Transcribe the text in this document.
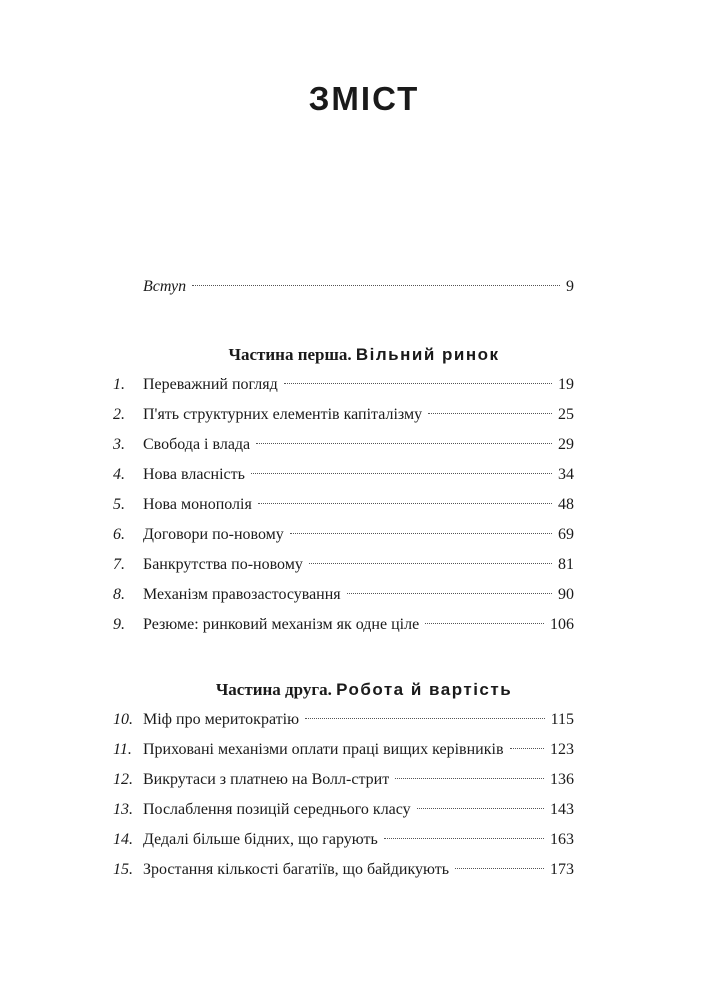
ЗМІСТ
Вступ	9
Частина перша. Вільний ринок
1.	Переважний погляд	19
2.	П'ять структурних елементів капіталізму	25
3.	Свобода і влада	29
4.	Нова власність	34
5.	Нова монополія	48
6.	Договори по-новому	69
7.	Банкрутства по-новому	81
8.	Механізм правозастосування	90
9.	Резюме: ринковий механізм як одне ціле	106
Частина друга. Робота й вартість
10. Міф про меритократію	115
11. Приховані механізми оплати праці вищих керівників	123
12. Викрутаси з платнею на Волл-стрит	136
13. Послаблення позицій середнього класу	143
14. Дедалі більше бідних, що гарують	163
15. Зростання кількості багатіїв, що байдикують	173
